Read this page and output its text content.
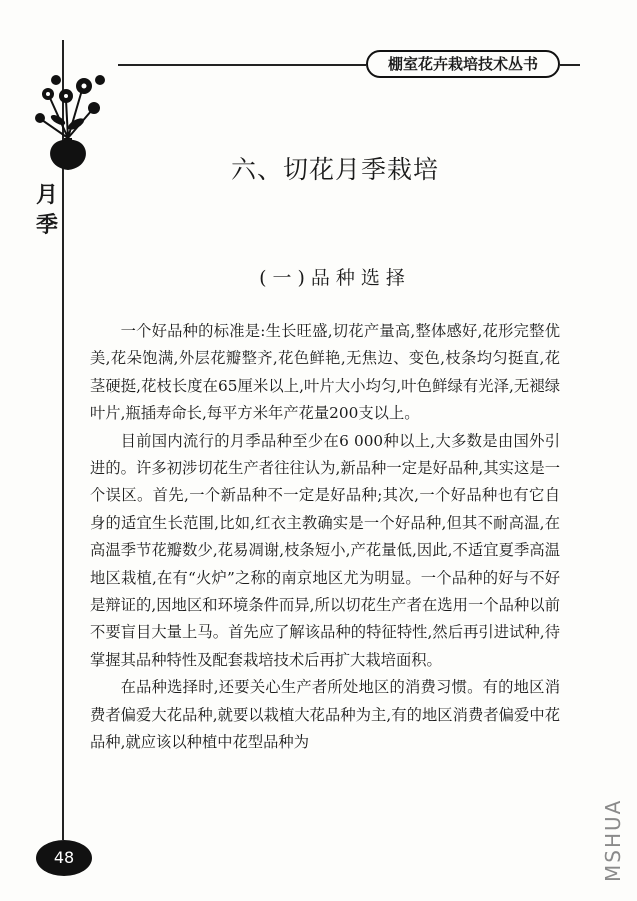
棚室花卉栽培技术丛书
月季
六、切花月季栽培
(一)品种选择

一个好品种的标准是:生长旺盛,切花产量高,整体感好,花形完整优美,花朵饱满,外层花瓣整齐,花色鲜艳,无焦边、变色,枝条均匀挺直,花茎硬挺,花枝长度在65厘米以上,叶片大小均匀,叶色鲜绿有光泽,无褪绿叶片,瓶插寿命长,每平方米年产花量200支以上。

目前国内流行的月季品种至少在6 000种以上,大多数是由国外引进的。许多初涉切花生产者往往认为,新品种一定是好品种,其实这是一个误区。首先,一个新品种不一定是好品种;其次,一个好品种也有它自身的适宜生长范围,比如,红衣主教确实是一个好品种,但其不耐高温,在高温季节花瓣数少,花易凋谢,枝条短小,产花量低,因此,不适宜夏季高温地区栽植,在有“火炉”之称的南京地区尤为明显。一个品种的好与不好是辩证的,因地区和环境条件而异,所以切花生产者在选用一个品种以前不要盲目大量上马。首先应了解该品种的特征特性,然后再引进试种,待掌握其品种特性及配套栽培技术后再扩大栽培面积。

在品种选择时,还要关心生产者所处地区的消费习惯。有的地区消费者偏爱大花品种,就要以栽植大花品种为主,有的地区消费者偏爱中花品种,就应该以种植中花型品种为

48	MSHUA
